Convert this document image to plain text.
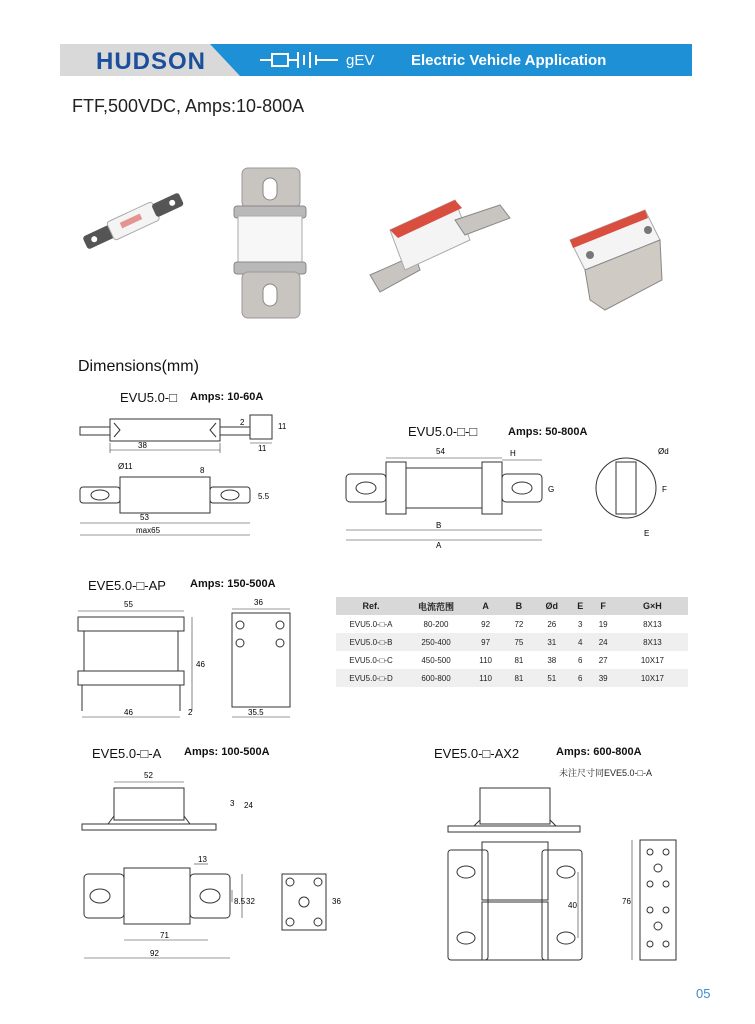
HUDSON	gEV Electric Vehicle Application
FTF,500VDC, Amps:10-800A
Dimensions(mm)
EVU5.0-□ Amps: 10-60A
38
2	11
11
Ø11	8
5.5
53
max65
EVU5.0-□-□	Amps: 50-800A
54	H
G
B
A
Ød
F
E
EVE5.0-□-AP Amps: 150-500A
55	36
46
46	2	35.5
Ref.	电流范围	A	B	Ød	E	F	G×H
EVU5.0-□-A	80-200	92	72	26	3	19	8X13
EVU5.0-□-B	250-400	97	75	31	4	24	8X13
EVU5.0-□-C	450-500	110	81	38	6	27	10X17
EVU5.0-□-D	600-800	110	81	51	6	39	10X17
EVE5.0-□-A Amps: 100-500A
52
3 24
13
8.5 32
71
92
36
EVE5.0-□-AX2	Amps: 600-800A
未注尺寸同EVE5.0-□-A
40	76
05
